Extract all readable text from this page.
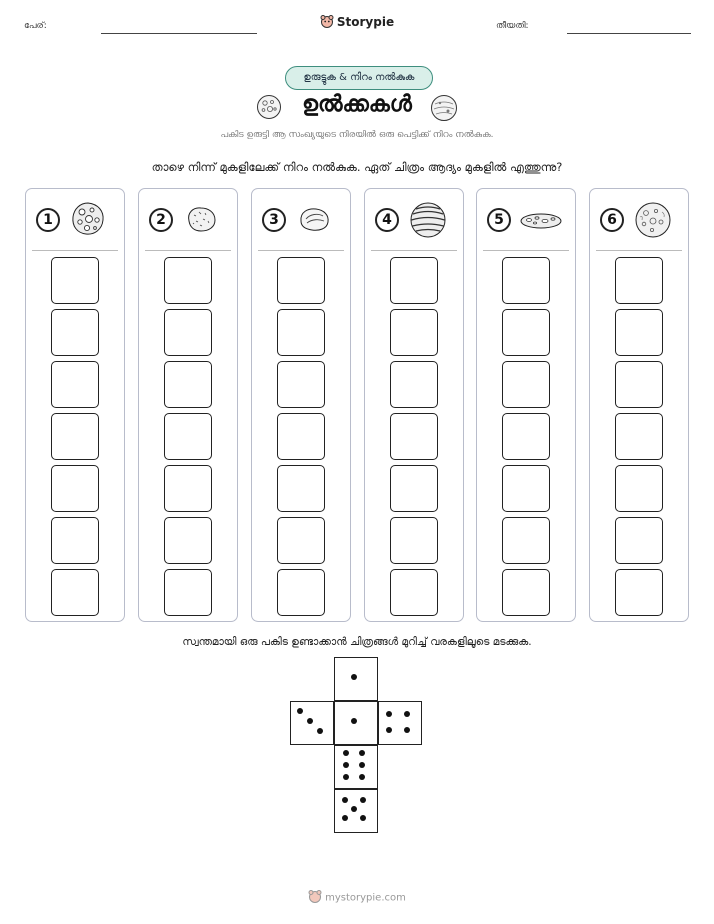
പേര്:	Storypie	തീയതി:
ഉരുട്ടുക & നിറം നൽകുക
ഉൽക്കകൾ
പകിട ഉരുട്ടി ആ സംഖ്യയുടെ നിരയിൽ ഒരു പെട്ടിക്ക് നിറം നൽകുക.
താഴെ നിന്ന് മുകളിലേക്ക് നിറം നൽകുക. ഏത് ചിത്രം ആദ്യം മുകളിൽ എത്തുന്നു?
1	2	3	4	5	6
സ്വന്തമായി ഒരു പകിട ഉണ്ടാക്കാൻ ചിത്രങ്ങൾ മുറിച്ച് വരകളിലൂടെ മടക്കുക.
mystorypie.com
